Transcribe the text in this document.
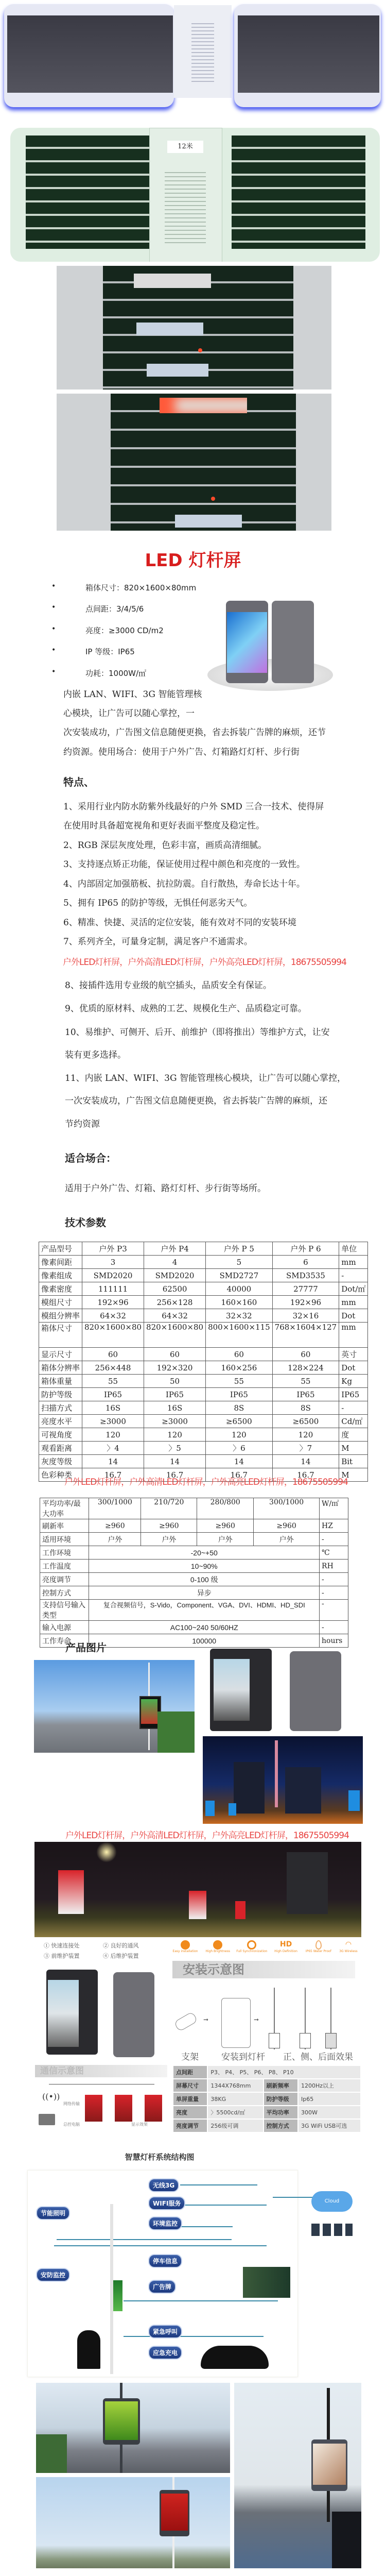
12米
LED 灯杆屏
•	箱体尺寸：820×1600×80mm
•	点间距：3/4/5/6
•	亮度：≥3000 CD/m2
•	IP 等级：IP65
•	功耗：1000W/㎡
内嵌 LAN、WIFI、3G 智能管理核
心模块，让广告可以随心掌控，一
次安装成功，广告图文信息随便更换，省去拆装广告牌的麻烦，还节
约资源。使用场合：使用于户外广告、灯箱路灯灯杆、步行街
特点、
1、采用行业内防水防紫外线最好的户外 SMD 三合一技术、使得屏
在使用时具备超宽视角和更好表面平整度及稳定性。
2、RGB 深层灰度处理，色彩丰富，画质高清细腻。
3、支持逐点矫正功能，保证使用过程中颜色和亮度的一致性。
4、内部固定加强筋板、抗拉防震。自行散热，寿命长达十年。
5、拥有 IP65 的防护等级，无惧任何恶劣天气。
6、精准、快捷、灵活的定位安装，能有效对不同的安装环境
7、系列齐全，可量身定制，满足客户不通需求。
户外LED灯杆屏，户外高清LED灯杆屏，户外高亮LED灯杆屏，18675505994
8、接插件选用专业级的航空插头，品质安全有保证。
9、优质的原材料、成熟的工艺、规模化生产、品质稳定可靠。
10、易维护、可侧开、后开、前维护（即将推出）等维护方式，让安
装有更多选择。
11、内嵌 LAN、WIFI、3G 智能管理核心模块，让广告可以随心掌控，
一次安装成功，广告图文信息随便更换，省去拆装广告牌的麻烦，还
节约资源
适合场合：
适用于户外广告、灯箱、路灯灯杆、步行街等场所。
技术参数
产品型号	户外 P3	户外 P4	户外 P 5	户外 P 6	单位
像素间距	3	4	5	6	mm
像素组成	SMD2020	SMD2020	SMD2727	SMD3535	-
像素密度	111111	62500	40000	27777	Dot/㎡
模组尺寸	192×96	256×128	160×160	192×96	mm
模组分辨率	64×32	64×32	32×32	32×16	Dot
箱体尺寸	820×1600×80	820×1600×80	800×1600×115	768×1604×127	mm
显示尺寸	60	60	60	60	英寸
箱体分辨率	256×448	192×320	160×256	128×224	Dot
箱体重量	55	50	55	55	Kg
防护等级	IP65	IP65	IP65	IP65	IP65
扫描方式	16S	16S	8S	8S	-
亮度水平	≥3000	≥3000	≥6500	≥6500	Cd/㎡
可视角度	120	120	120	120	度
观看距离	〉4	〉5	〉6	〉7	M
灰度等级	14	14	14	14	Bit
色彩种类	16.7	16.7	16.7	16.7	M
户外LED灯杆屏，户外高清LED灯杆屏，户外高亮LED灯杆屏，18675505994
平均功率/最大功率	300/1000	210/720	280/800	300/1000	W/㎡
刷新率	≥960	≥960	≥960	≥960	HZ
适用环境	户外	户外	户外	户外	-
工作环境	-20~+50				℃
工作温度	10~90%				RH
亮度调节	0-100 级				-
控制方式	异步				-
支持信号输入类型	复合视频信号，S-Vido，Component、VGA、DVI、HDMI、HD_SDI				-
输入电源	AC100~240 50/60HZ				-
工作寿命	100000				hours
产品图片
户外LED灯杆屏，户外高清LED灯杆屏，户外高亮LED灯杆屏，18675505994
① 快速连接处	② 良好的通风
③ 前维护装置	④ 后维护装置
Easy installation	High Brightness	Full Synchronization
HD
High Definition	IP65 Water Proof
◠
3G Wireless
安装示意图
➞	➞
支架	安装到灯杆 正、侧、后面效果
通信示意图
((•))
网络传输
总控电脑	显示效果
点间距	P3、 P4、 P5、 P6、 P8、 P10		
屏幕尺寸	1344X768mm	刷新频率	1200Hz以上
单屏重量	38KG	防护等级	Ip65
亮度	〉5500cd/㎡	平均功率	300W
亮度调节	256级可调	控制方式	3G WiFi USB可选
智慧灯杆系统结构图
无线3G
WIFI服务
节能照明
环境监控
停车信息
安防监控
广告牌
紧急呼叫
应急充电
Cloud
